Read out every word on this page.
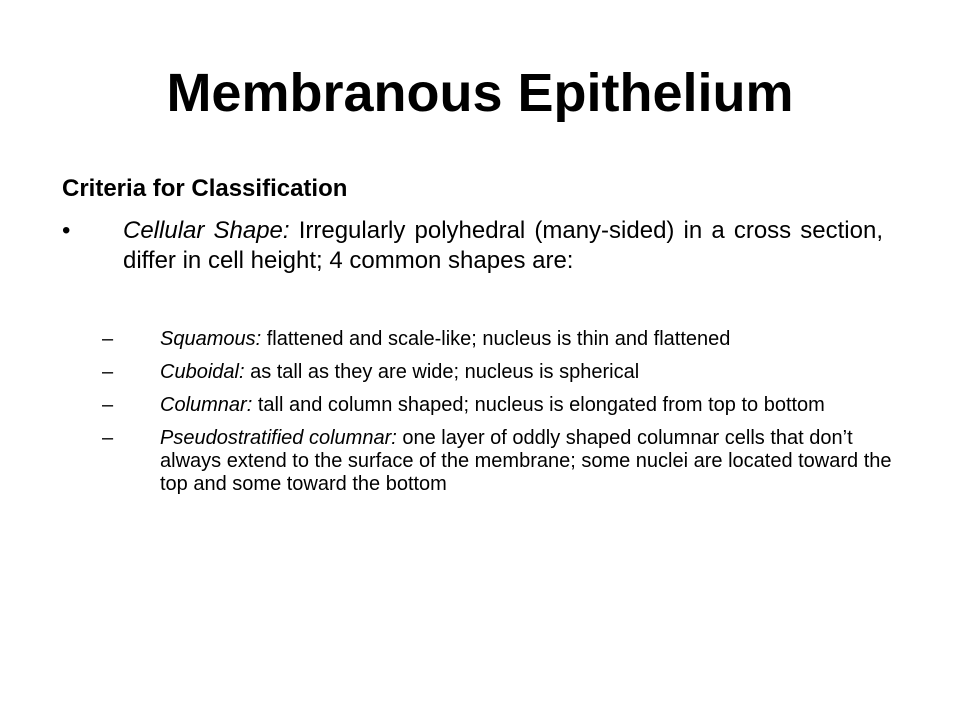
Membranous Epithelium
Criteria for Classification
• Cellular Shape: Irregularly polyhedral (many-sided) in a cross section, differ in cell height; 4 common shapes are:
– Squamous: flattened and scale-like; nucleus is thin and flattened
– Cuboidal: as tall as they are wide; nucleus is spherical
– Columnar: tall and column shaped; nucleus is elongated from top to bottom
– Pseudostratified columnar: one layer of oddly shaped columnar cells that don’t always extend to the surface of the membrane; some nuclei are located toward the top and some toward the bottom
